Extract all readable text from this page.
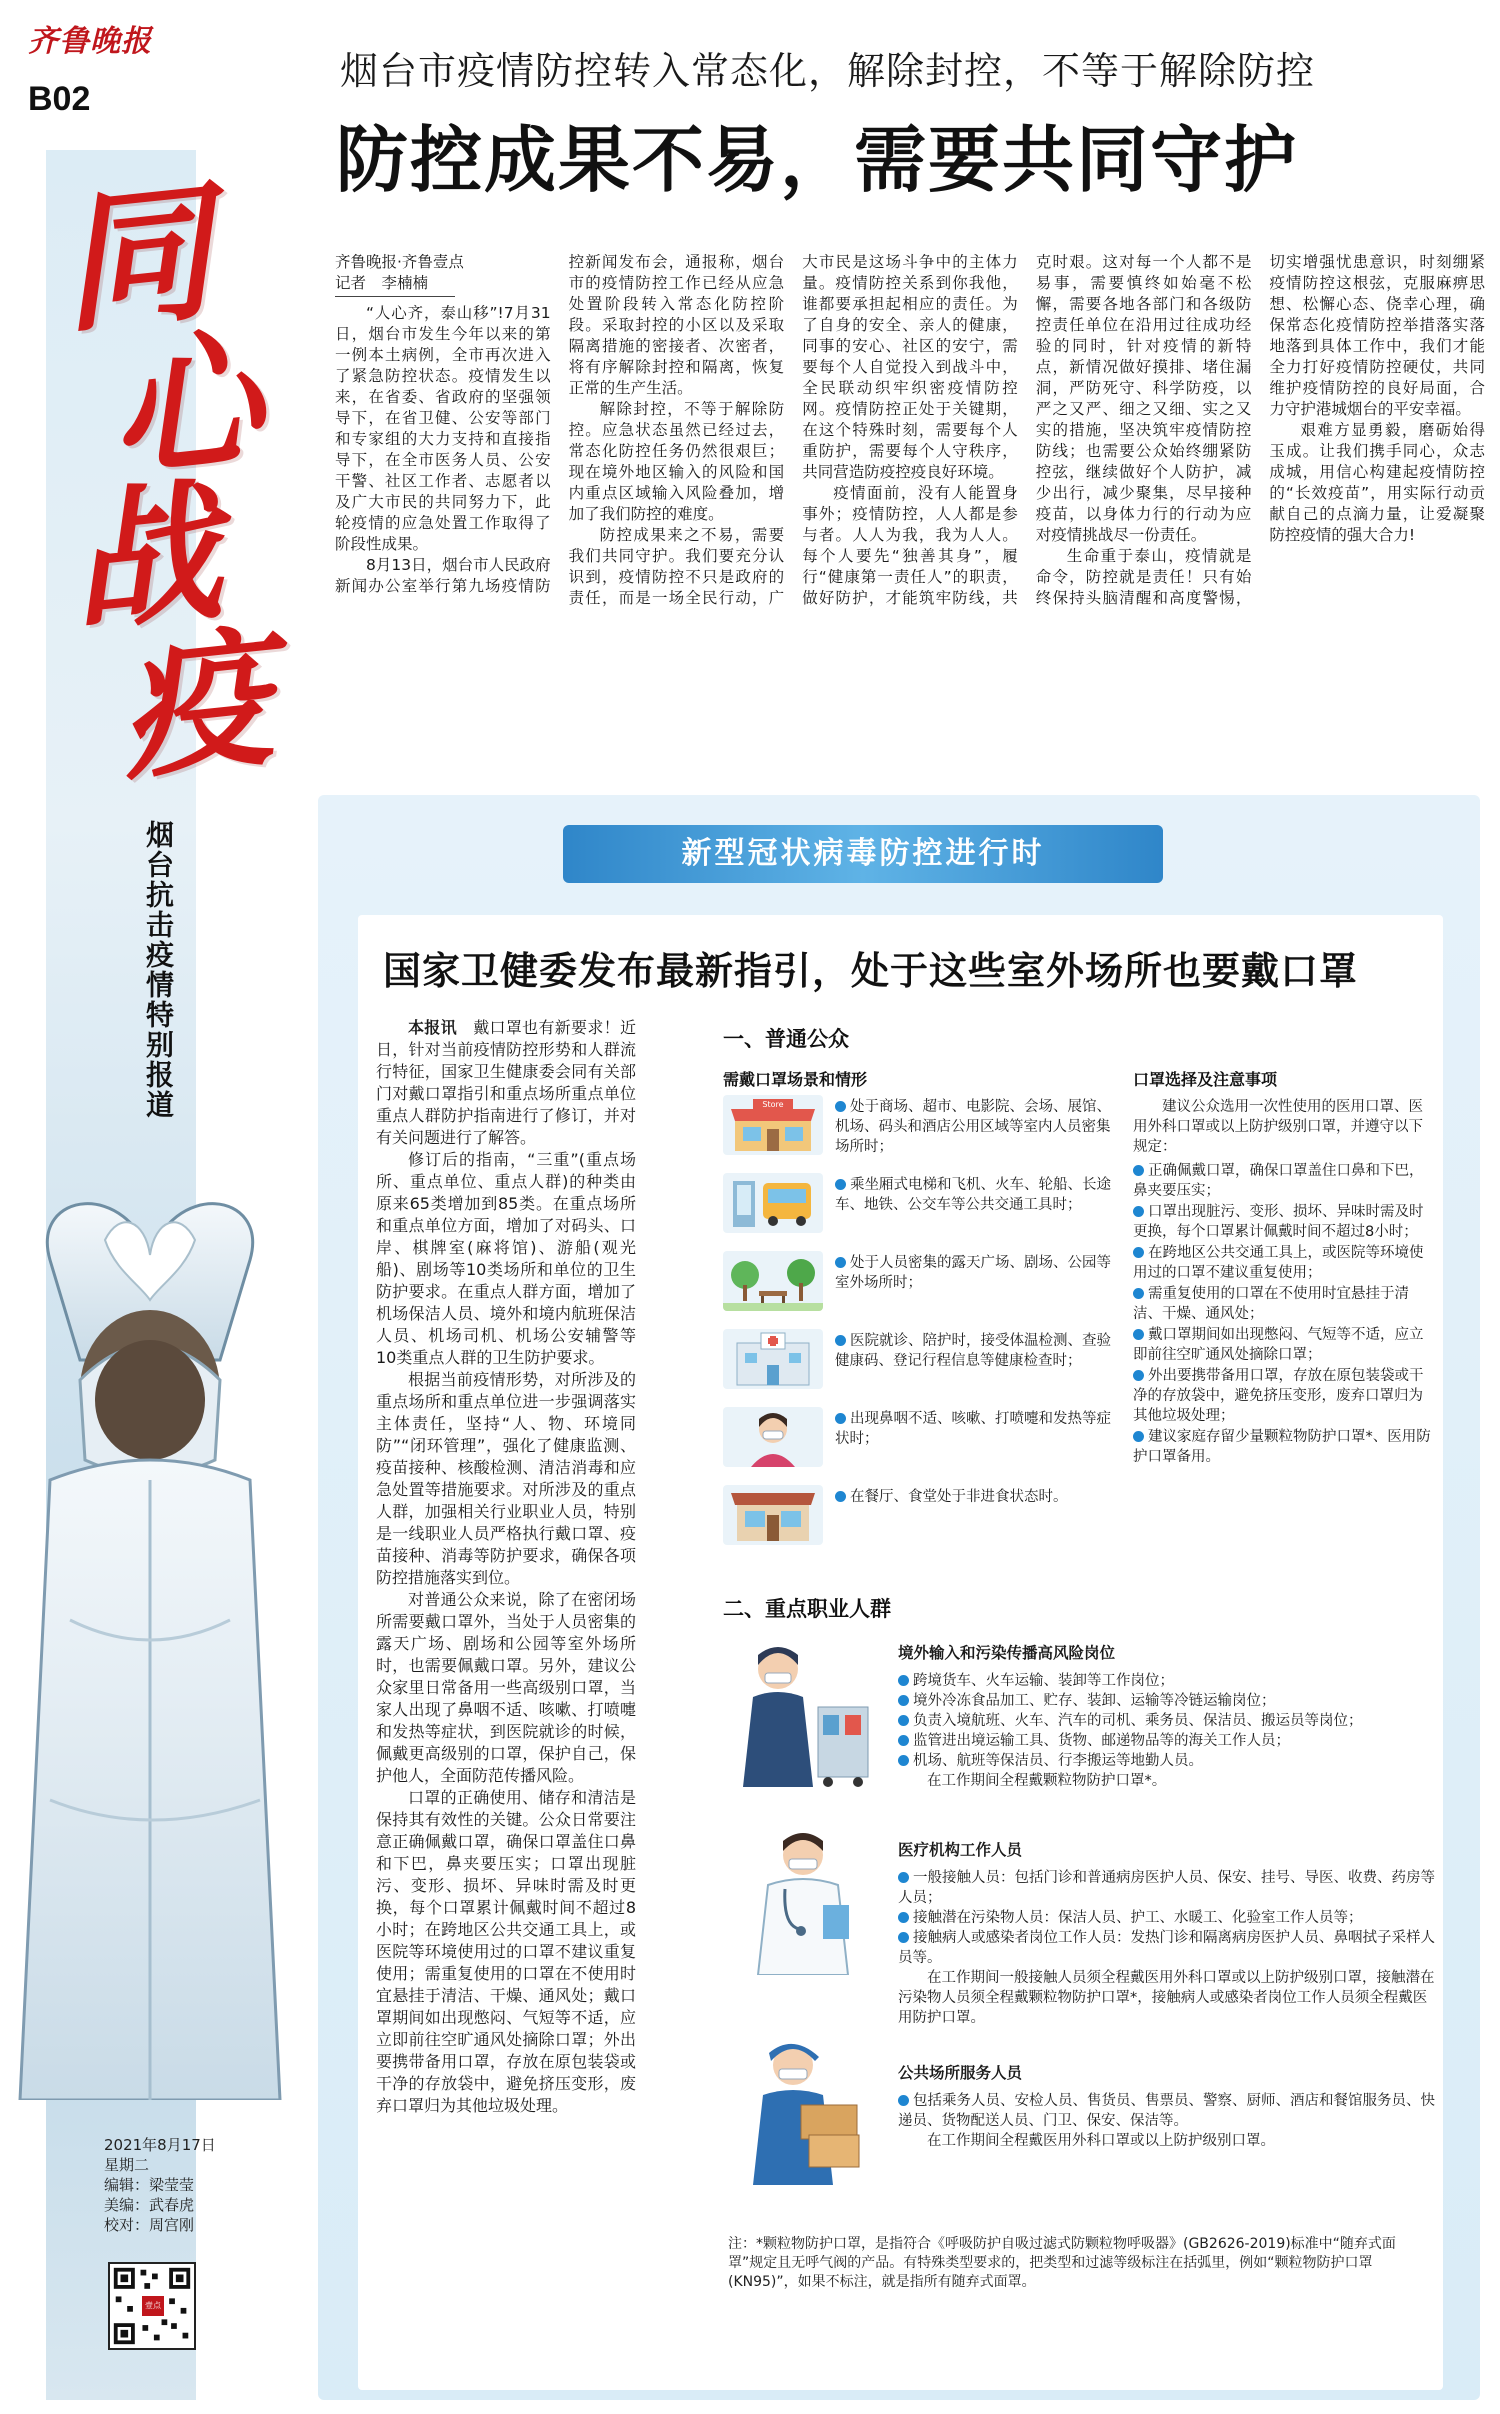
齐鲁晚报
B02
同
心
战
疫
烟台抗击疫情特别报道
2021年8月17日
星期二
编辑：梁莹莹
美编：武春虎
校对：周宫刚
壹点
烟台市疫情防控转入常态化，解除封控，不等于解除防控
防控成果不易，需要共同守护
齐鲁晚报·齐鲁壹点
记者　李楠楠

“人心齐，泰山移”!7月31日，烟台市发生今年以来的第一例本土病例，全市再次进入了紧急防控状态。疫情发生以来，在省委、省政府的坚强领导下，在省卫健、公安等部门和专家组的大力支持和直接指导下，在全市医务人员、公安干警、社区工作者、志愿者以及广大市民的共同努力下，此轮疫情的应急处置工作取得了阶段性成果。

8月13日，烟台市人民政府新闻办公室举行第九场疫情防控新闻发布会，通报称，烟台市的疫情防控工作已经从应急处置阶段转入常态化防控阶段。采取封控的小区以及采取隔离措施的密接者、次密者，将有序解除封控和隔离，恢复正常的生产生活。

解除封控，不等于解除防控。应急状态虽然已经过去，常态化防控任务仍然很艰巨；现在境外地区输入的风险和国内重点区域输入风险叠加，增加了我们防控的难度。

防控成果来之不易，需要我们共同守护。我们要充分认识到，疫情防控不只是政府的责任，而是一场全民行动，广大市民是这场斗争中的主体力量。疫情防控关系到你我他，谁都要承担起相应的责任。为了自身的安全、亲人的健康，同事的安心、社区的安宁，需要每个人自觉投入到战斗中，全民联动织牢织密疫情防控网。疫情防控正处于关键期，在这个特殊时刻，需要每个人重防护，需要每个人守秩序，共同营造防疫控疫良好环境。

疫情面前，没有人能置身事外；疫情防控，人人都是参与者。人人为我，我为人人。每个人要先“独善其身”，履行“健康第一责任人”的职责，做好防护，才能筑牢防线，共克时艰。这对每一个人都不是易事，需要慎终如始毫不松懈，需要各地各部门和各级防控责任单位在沿用过往成功经验的同时，针对疫情的新特点，新情况做好摸排、堵住漏洞，严防死守、科学防疫，以严之又严、细之又细、实之又实的措施，坚决筑牢疫情防控防线；也需要公众始终绷紧防控弦，继续做好个人防护，减少出行，减少聚集，尽早接种疫苗，以身体力行的行动为应对疫情挑战尽一份责任。

生命重于泰山，疫情就是命令，防控就是责任！只有始终保持头脑清醒和高度警惕，切实增强忧患意识，时刻绷紧疫情防控这根弦，克服麻痹思想、松懈心态、侥幸心理，确保常态化疫情防控举措落实落地落到具体工作中，我们才能全力打好疫情防控硬仗，共同维护疫情防控的良好局面，合力守护港城烟台的平安幸福。

艰难方显勇毅，磨砺始得玉成。让我们携手同心，众志成城，用信心构建起疫情防控的“长效疫苗”，用实际行动贡献自己的点滴力量，让爱凝聚防控疫情的强大合力!

新型冠状病毒防控进行时
国家卫健委发布最新指引，处于这些室外场所也要戴口罩

本报讯　 戴口罩也有新要求！近日，针对当前疫情防控形势和人群流行特征，国家卫生健康委会同有关部门对戴口罩指引和重点场所重点单位重点人群防护指南进行了修订，并对有关问题进行了解答。

修订后的指南，“三重”(重点场所、重点单位、重点人群)的种类由原来65类增加到85类。在重点场所和重点单位方面，增加了对码头、口岸、棋牌室(麻将馆)、游船(观光船)、剧场等10类场所和单位的卫生防护要求。在重点人群方面，增加了机场保洁人员、境外和境内航班保洁人员、机场司机、机场公安辅警等10类重点人群的卫生防护要求。

根据当前疫情形势，对所涉及的重点场所和重点单位进一步强调落实主体责任，坚持“人、物、环境同防”“闭环管理”，强化了健康监测、疫苗接种、核酸检测、清洁消毒和应急处置等措施要求。对所涉及的重点人群，加强相关行业职业人员，特别是一线职业人员严格执行戴口罩、疫苗接种、消毒等防护要求，确保各项防控措施落实到位。

对普通公众来说，除了在密闭场所需要戴口罩外，当处于人员密集的露天广场、剧场和公园等室外场所时，也需要佩戴口罩。另外，建议公众家里日常备用一些高级别口罩，当家人出现了鼻咽不适、咳嗽、打喷嚏和发热等症状，到医院就诊的时候，佩戴更高级别的口罩，保护自己，保护他人，全面防范传播风险。

口罩的正确使用、储存和清洁是保持其有效性的关键。公众日常要注意正确佩戴口罩，确保口罩盖住口鼻和下巴，鼻夹要压实；口罩出现脏污、变形、损坏、异味时需及时更换，每个口罩累计佩戴时间不超过8小时；在跨地区公共交通工具上，或医院等环境使用过的口罩不建议重复使用；需重复使用的口罩在不使用时宜悬挂于清洁、干燥、通风处；戴口罩期间如出现憋闷、气短等不适，应立即前往空旷通风处摘除口罩；外出要携带备用口罩，存放在原包装袋或干净的存放袋中，避免挤压变形，废弃口罩归为其他垃圾处理。

一、普通公众
需戴口罩场景和情形
Store	处于商场、超市、电影院、会场、展馆、机场、码头和酒店公用区域等室内人员密集场所时；
乘坐厢式电梯和飞机、火车、轮船、长途车、地铁、公交车等公共交通工具时；
处于人员密集的露天广场、剧场、公园等室外场所时；
医院就诊、陪护时，接受体温检测、查验健康码、登记行程信息等健康检查时；
出现鼻咽不适、咳嗽、打喷嚏和发热等症状时；
在餐厅、食堂处于非进食状态时。
口罩选择及注意事项
建议公众选用一次性使用的医用口罩、医用外科口罩或以上防护级别口罩，并遵守以下规定：
正确佩戴口罩，确保口罩盖住口鼻和下巴，鼻夹要压实；
口罩出现脏污、变形、损坏、异味时需及时更换，每个口罩累计佩戴时间不超过8小时；
在跨地区公共交通工具上，或医院等环境使用过的口罩不建议重复使用；
需重复使用的口罩在不使用时宜悬挂于清洁、干燥、通风处；
戴口罩期间如出现憋闷、气短等不适，应立即前往空旷通风处摘除口罩；
外出要携带备用口罩，存放在原包装袋或干净的存放袋中，避免挤压变形，废弃口罩归为其他垃圾处理；
建议家庭存留少量颗粒物防护口罩*、医用防护口罩备用。
二、重点职业人群
境外输入和污染传播高风险岗位
跨境货车、火车运输、装卸等工作岗位；
境外冷冻食品加工、贮存、装卸、运输等冷链运输岗位；
负责入境航班、火车、汽车的司机、乘务员、保洁员、搬运员等岗位；
监管进出境运输工具、货物、邮递物品等的海关工作人员；
机场、航班等保洁员、行李搬运等地勤人员。
在工作期间全程戴颗粒物防护口罩*。
医疗机构工作人员
一般接触人员：包括门诊和普通病房医护人员、保安、挂号、导医、收费、药房等人员；
接触潜在污染物人员：保洁人员、护工、水暖工、化验室工作人员等；
接触病人或感染者岗位工作人员：发热门诊和隔离病房医护人员、鼻咽拭子采样人员等。
在工作期间一般接触人员须全程戴医用外科口罩或以上防护级别口罩，接触潜在污染物人员须全程戴颗粒物防护口罩*，接触病人或感染者岗位工作人员须全程戴医用防护口罩。
公共场所服务人员
包括乘务人员、安检人员、售货员、售票员、警察、厨师、酒店和餐馆服务员、快递员、货物配送人员、门卫、保安、保洁等。
在工作期间全程戴医用外科口罩或以上防护级别口罩。
注：*颗粒物防护口罩，是指符合《呼吸防护自吸过滤式防颗粒物呼吸器》(GB2626-2019)标准中“随弃式面罩”规定且无呼气阀的产品。有特殊类型要求的，把类型和过滤等级标注在括弧里，例如“颗粒物防护口罩(KN95)”，如果不标注，就是指所有随弃式面罩。
